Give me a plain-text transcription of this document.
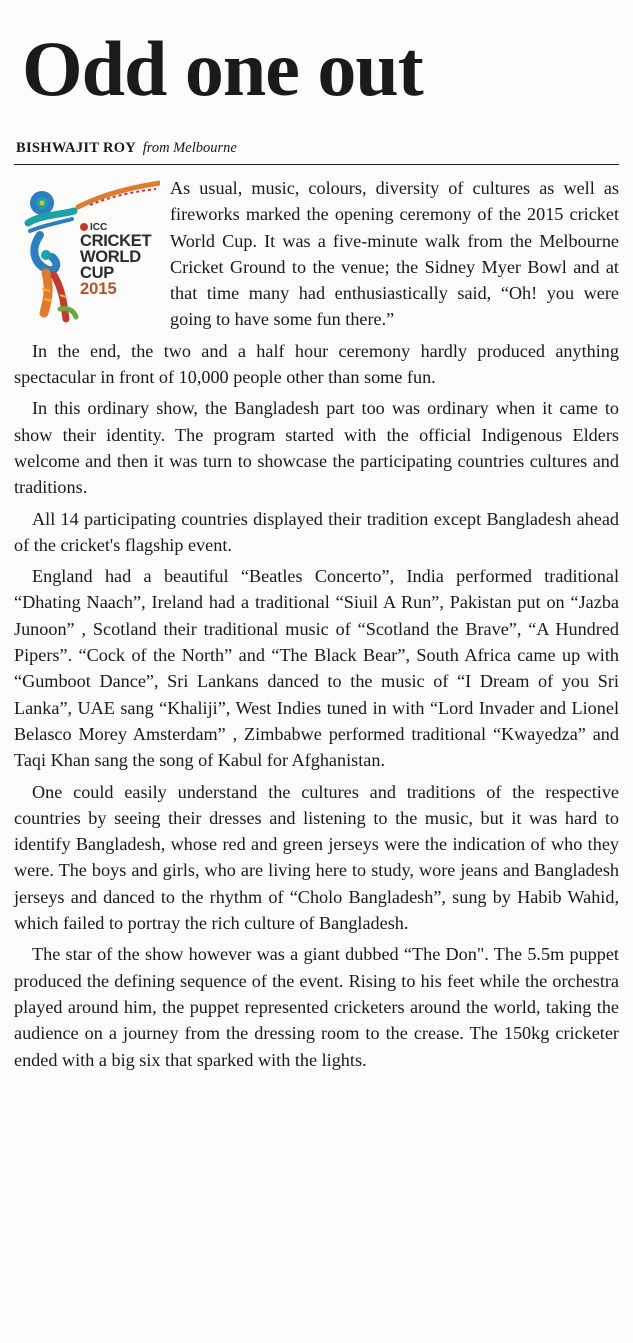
Odd one out
BISHWAJIT ROY from Melbourne
ICC
CRICKET
WORLD
CUP
2015

As usual, music, colours, diversity of cultures as well as fireworks marked the opening ceremony of the 2015 cricket World Cup. It was a five-minute walk from the Melbourne Cricket Ground to the venue; the Sidney Myer Bowl and at that time many had enthusiastically said, “Oh! you were going to have some fun there.”

In the end, the two and a half hour ceremony hardly produced anything spectacular in front of 10,000 people other than some fun.

In this ordinary show, the Bangladesh part too was ordinary when it came to show their identity. The program started with the official Indigenous Elders welcome and then it was turn to showcase the participating countries cultures and traditions.

All 14 participating countries displayed their tradition except Bangladesh ahead of the cricket's flagship event.

England had a beautiful “Beatles Concerto”, India performed traditional “Dhating Naach”, Ireland had a traditional “Siuil A Run”, Pakistan put on “Jazba Junoon” , Scotland their traditional music of “Scotland the Brave”, “A Hundred Pipers”. “Cock of the North” and “The Black Bear”, South Africa came up with “Gumboot Dance”, Sri Lankans danced to the music of “I Dream of you Sri Lanka”, UAE sang “Khaliji”, West Indies tuned in with “Lord Invader and Lionel Belasco Morey Amsterdam” , Zimbabwe performed traditional “Kwayedza” and Taqi Khan sang the song of Kabul for Afghanistan.

One could easily understand the cultures and traditions of the respective countries by seeing their dresses and listening to the music, but it was hard to identify Bangladesh, whose red and green jerseys were the indication of who they were. The boys and girls, who are living here to study, wore jeans and Bangladesh jerseys and danced to the rhythm of “Cholo Bangladesh”, sung by Habib Wahid, which failed to portray the rich culture of Bangladesh.

The star of the show however was a giant dubbed “The Don". The 5.5m puppet produced the defining sequence of the event. Rising to his feet while the orchestra played around him, the puppet represented cricketers around the world, taking the audience on a journey from the dressing room to the crease. The 150kg cricketer ended with a big six that sparked with the lights.
